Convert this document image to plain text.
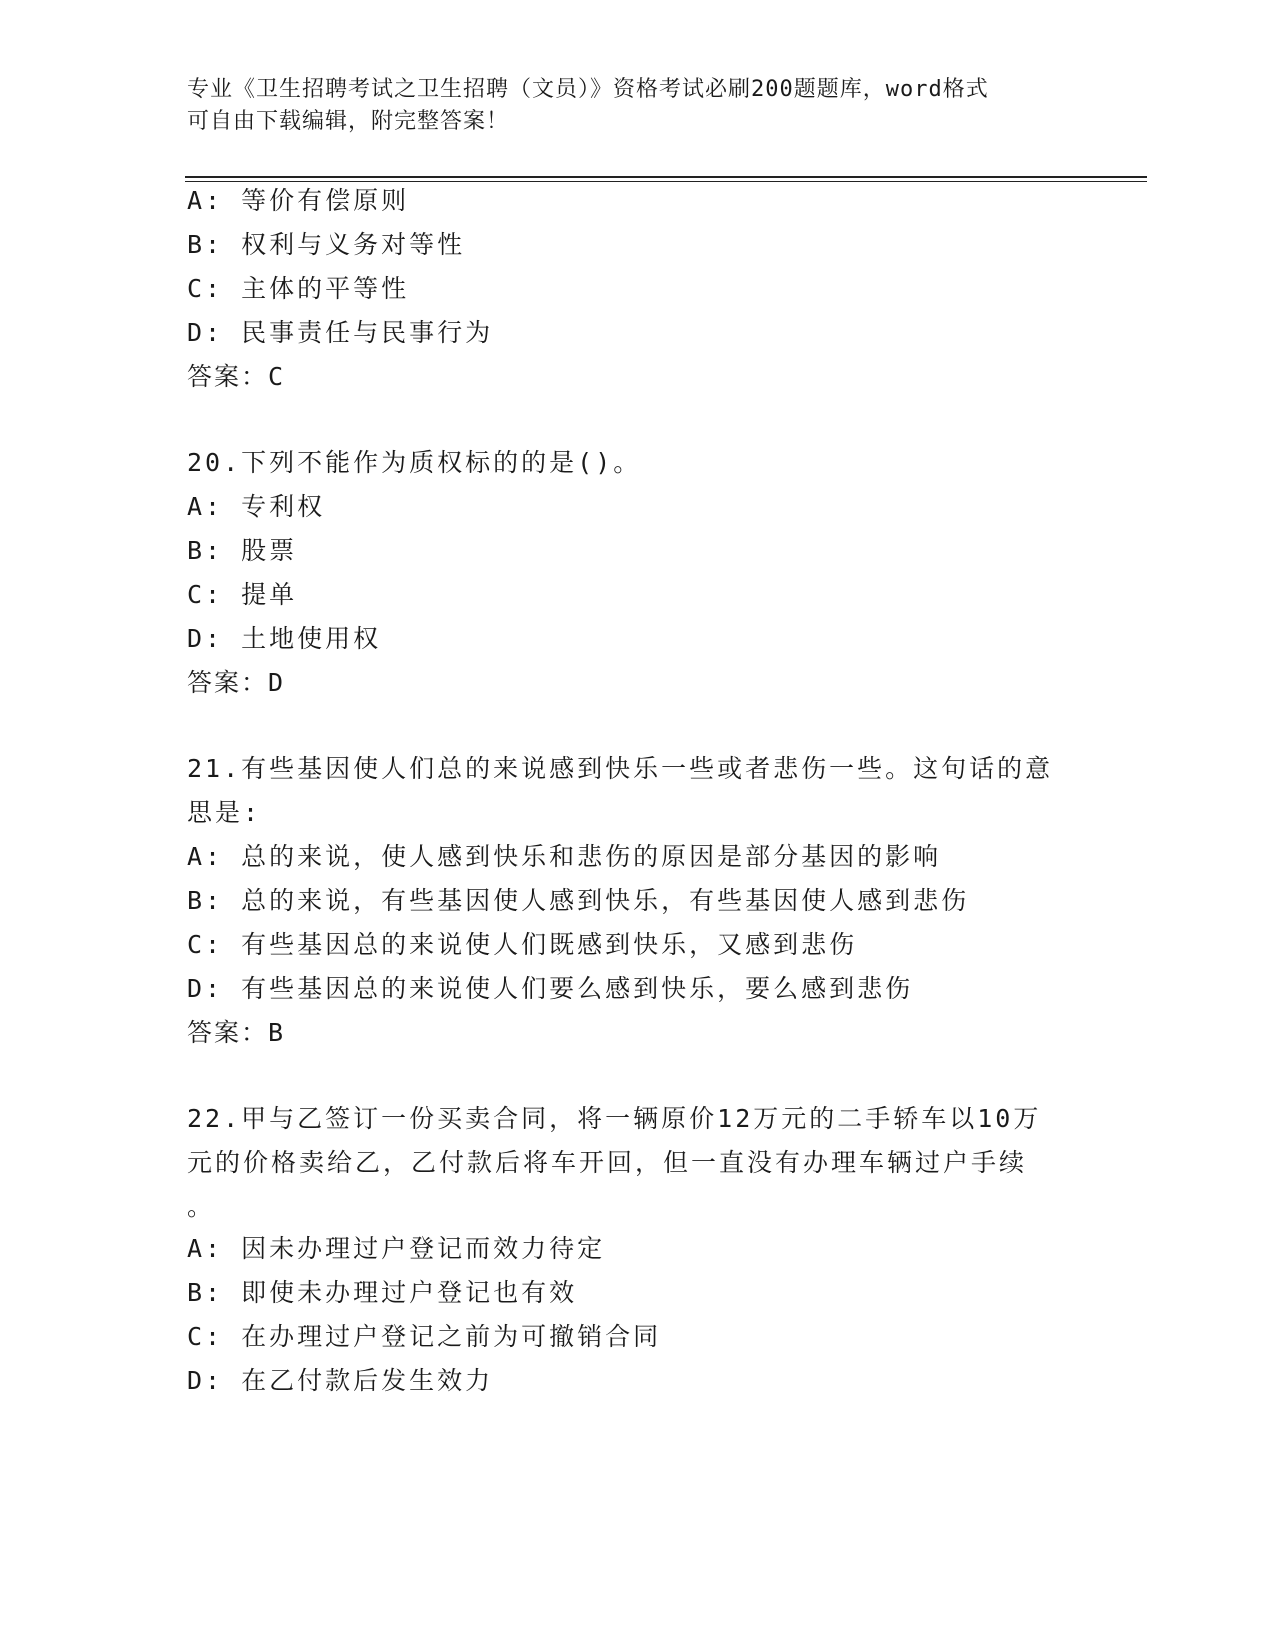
专业《卫生招聘考试之卫生招聘（文员）》资格考试必刷200题题库，word格式
可自由下载编辑，附完整答案！
A: 等价有偿原则
B: 权利与义务对等性
C: 主体的平等性
D: 民事责任与民事行为
答案：C
20.下列不能作为质权标的的是()。
A: 专利权
B: 股票
C: 提单
D: 土地使用权
答案：D
21.有些基因使人们总的来说感到快乐一些或者悲伤一些。这句话的意
思是:
A: 总的来说，使人感到快乐和悲伤的原因是部分基因的影响
B: 总的来说，有些基因使人感到快乐，有些基因使人感到悲伤
C: 有些基因总的来说使人们既感到快乐，又感到悲伤
D: 有些基因总的来说使人们要么感到快乐，要么感到悲伤
答案：B
22.甲与乙签订一份买卖合同，将一辆原价12万元的二手轿车以10万
元的价格卖给乙，乙付款后将车开回，但一直没有办理车辆过户手续
。
A: 因未办理过户登记而效力待定
B: 即使未办理过户登记也有效
C: 在办理过户登记之前为可撤销合同
D: 在乙付款后发生效力
